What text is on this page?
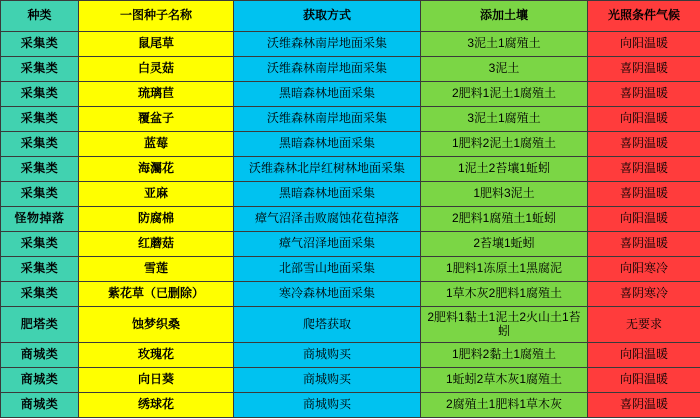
种类	一图种子名称	获取方式	添加土壤	光照条件气候
采集类	鼠尾草	沃维森林南岸地面采集	3泥土1腐殖土	向阳温暖
采集类	白灵菇	沃维森林南岸地面采集	3泥土	喜阴温暖
采集类	琉璃苣	黑暗森林地面采集	2肥料1泥土1腐殖土	喜阴温暖
采集类	覆盆子	沃维森林南岸地面采集	3泥土1腐殖土	向阳温暖
采集类	蓝莓	黑暗森林地面采集	1肥料2泥土1腐殖土	喜阴温暖
采集类	海灟花	沃维森林北岸红树林地面采集	1泥土2苔壤1蚯蚓	喜阴温暖
采集类	亚麻	黑暗森林地面采集	1肥料3泥土	喜阴温暖
怪物掉落	防腐棉	瘴气沼泽击败腐蚀花苞掉落	2肥料1腐殖土1蚯蚓	向阳温暖
采集类	红蘑菇	瘴气沼泽地面采集	2苔壤1蚯蚓	喜阴温暖
采集类	雪莲	北部雪山地面采集	1肥料1冻原土1黑腐泥	向阳寒冷
采集类	紫花草（已删除）	寒冷森林地面采集	1草木灰2肥料1腐殖土	喜阴寒冷
肥塔类	蚀梦织桑	爬塔获取	2肥料1黏土1泥土2火山土1苔蚓	无要求
商城类	玫瑰花	商城购买	1肥料2黏土1腐殖土	向阳温暖
商城类	向日葵	商城购买	1蚯蚓2草木灰1腐殖土	向阳温暖
商城类	绣球花	商城购买	2腐殖土1肥料1草木灰	喜阴温暖
